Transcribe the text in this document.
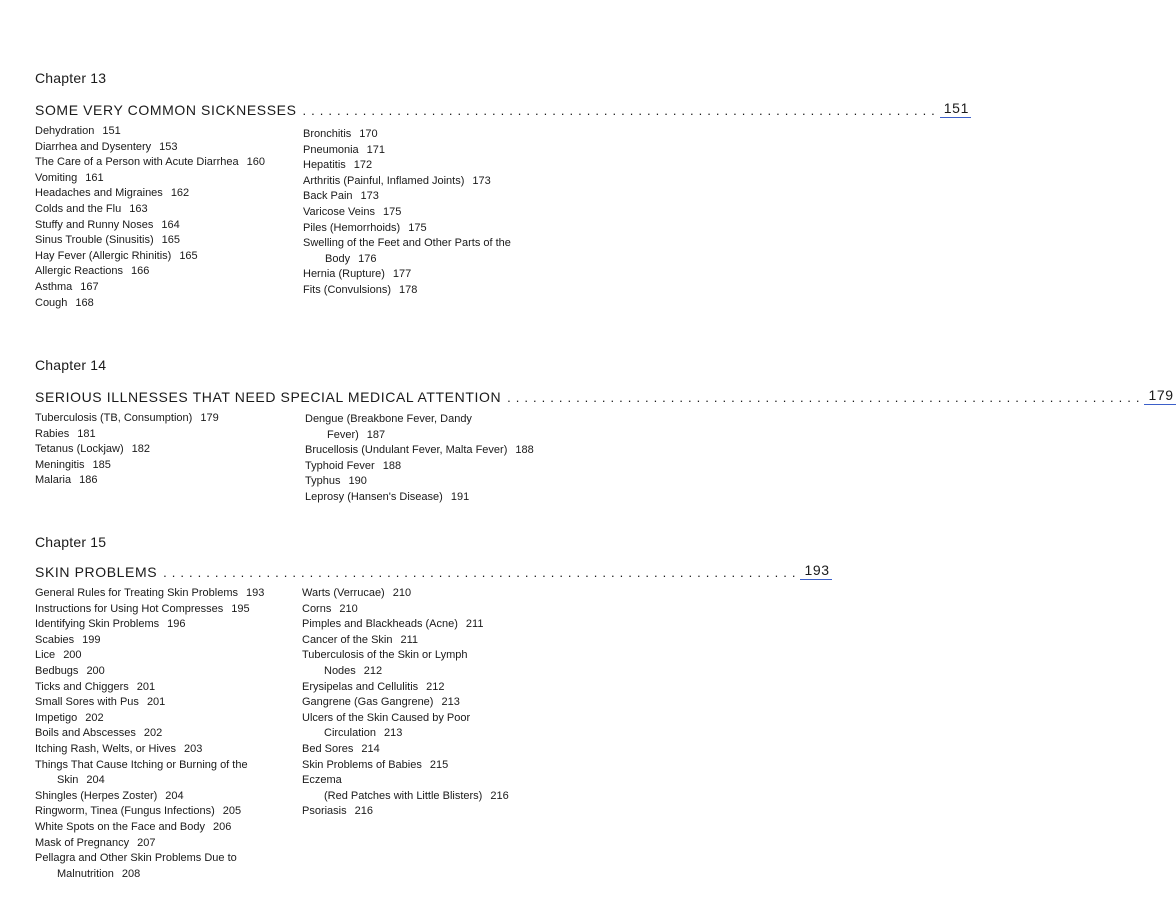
Chapter 13
SOME VERY COMMON SICKNESSES .......................................................................... 151
Dehydration 151
Diarrhea and Dysentery 153
The Care of a Person with Acute Diarrhea 160
Vomiting 161
Headaches and Migraines 162
Colds and the Flu 163
Stuffy and Runny Noses 164
Sinus Trouble (Sinusitis) 165
Hay Fever (Allergic Rhinitis) 165
Allergic Reactions 166
Asthma 167
Cough 168
Bronchitis 170
Pneumonia 171
Hepatitis 172
Arthritis (Painful, Inflamed Joints) 173
Back Pain 173
Varicose Veins 175
Piles (Hemorrhoids) 175
Swelling of the Feet and Other Parts of the
Body 176
Hernia (Rupture) 177
Fits (Convulsions) 178
Chapter 14
SERIOUS ILLNESSES THAT NEED SPECIAL MEDICAL ATTENTION .......................................................................... 179
Tuberculosis (TB, Consumption) 179
Rabies 181
Tetanus (Lockjaw) 182
Meningitis 185
Malaria 186
Dengue (Breakbone Fever, Dandy
Fever) 187
Brucellosis (Undulant Fever, Malta Fever) 188
Typhoid Fever 188
Typhus 190
Leprosy (Hansen's Disease) 191
Chapter 15
SKIN PROBLEMS .......................................................................... 193
General Rules for Treating Skin Problems 193
Instructions for Using Hot Compresses 195
Identifying Skin Problems 196
Scabies 199
Lice 200
Bedbugs 200
Ticks and Chiggers 201
Small Sores with Pus 201
Impetigo 202
Boils and Abscesses 202
Itching Rash, Welts, or Hives 203
Things That Cause Itching or Burning of the
Skin 204
Shingles (Herpes Zoster) 204
Ringworm, Tinea (Fungus Infections) 205
White Spots on the Face and Body 206
Mask of Pregnancy 207
Pellagra and Other Skin Problems Due to
Malnutrition 208
Warts (Verrucae) 210
Corns 210
Pimples and Blackheads (Acne) 211
Cancer of the Skin 211
Tuberculosis of the Skin or Lymph
Nodes 212
Erysipelas and Cellulitis 212
Gangrene (Gas Gangrene) 213
Ulcers of the Skin Caused by Poor
Circulation 213
Bed Sores 214
Skin Problems of Babies 215
Eczema
(Red Patches with Little Blisters) 216
Psoriasis 216
